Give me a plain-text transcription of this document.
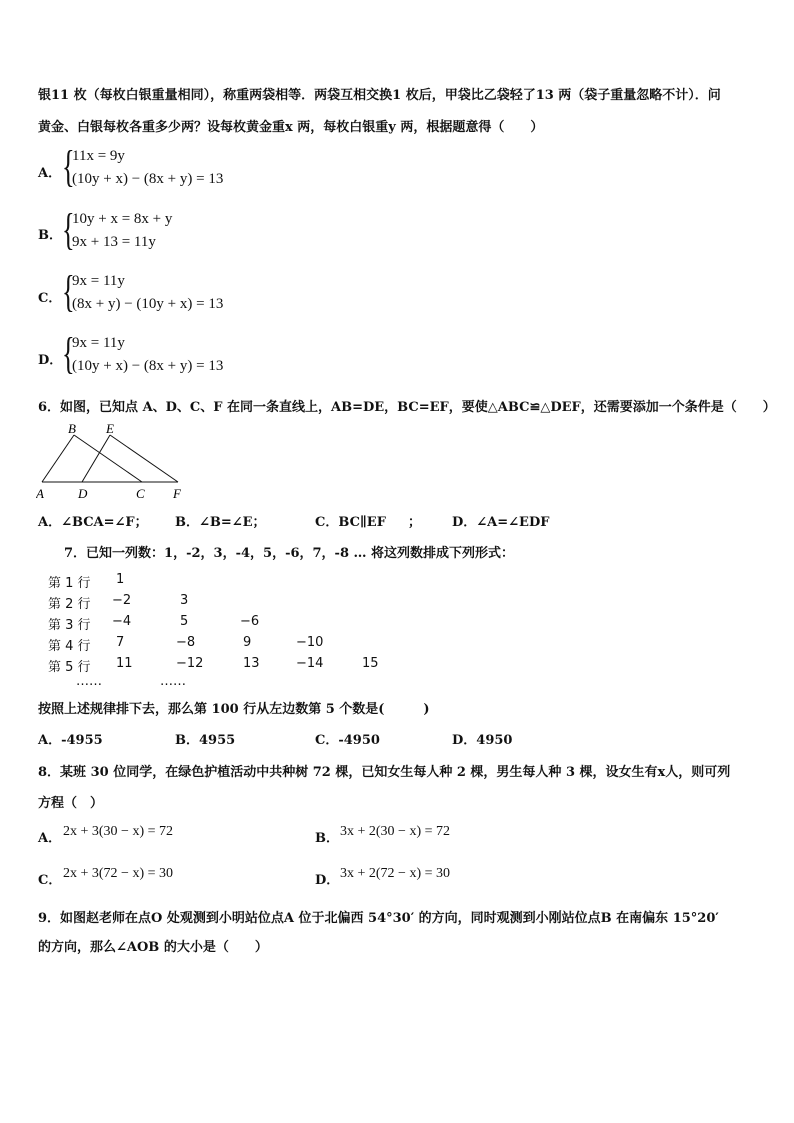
银11 枚（每枚白银重量相同），称重两袋相等．两袋互相交换1 枚后，甲袋比乙袋轻了13 两（袋子重量忽略不计）．问
黄金、白银每枚各重多少两？设每枚黄金重x 两，每枚白银重y 两，根据题意得（　　）
A． {
11x = 9y
(10y + x) − (8x + y) = 13
B． {
10y + x = 8x + y
9x + 13 = 11y
C． {
9x = 11y
(8x + y) − (10y + x) = 13
D． {
9x = 11y
(10y + x) − (8x + y) = 13
6．如图，已知点 A、D、C、F 在同一条直线上，AB=DE，BC=EF，要使△ABC≌△DEF，还需要添加一个条件是（　　）
B E
A	D	C F
A．∠BCA=∠F； B．∠B=∠E；	C．BC∥EF ； D．∠A=∠EDF
7．已知一列数：1，-2，3，-4，5，-6，7，-8 … 将这列数排成下列形式：
第 1 行 1
第 2 行 −2	3
第 3 行 −4	5	−6
第 4 行 7	−8	9	−10
第 5 行 11	−12	13	−14	15
……	……
按照上述规律排下去，那么第 100 行从左边数第 5 个数是(　　　)
A．-4955	B．4955	C．-4950	D．4950
8．某班 30 位同学，在绿色护植活动中共种树 72 棵，已知女生每人种 2 棵，男生每人种 3 棵，设女生有x人，则可列
方程（　）
A． 2x + 3(30 − x) = 72	B． 3x + 2(30 − x) = 72
C． 2x + 3(72 − x) = 30	D． 3x + 2(72 − x) = 30
9．如图赵老师在点O 处观测到小明站位点A 位于北偏西 54°30′ 的方向，同时观测到小刚站位点B 在南偏东 15°20′
的方向，那么∠AOB 的大小是（　　）
